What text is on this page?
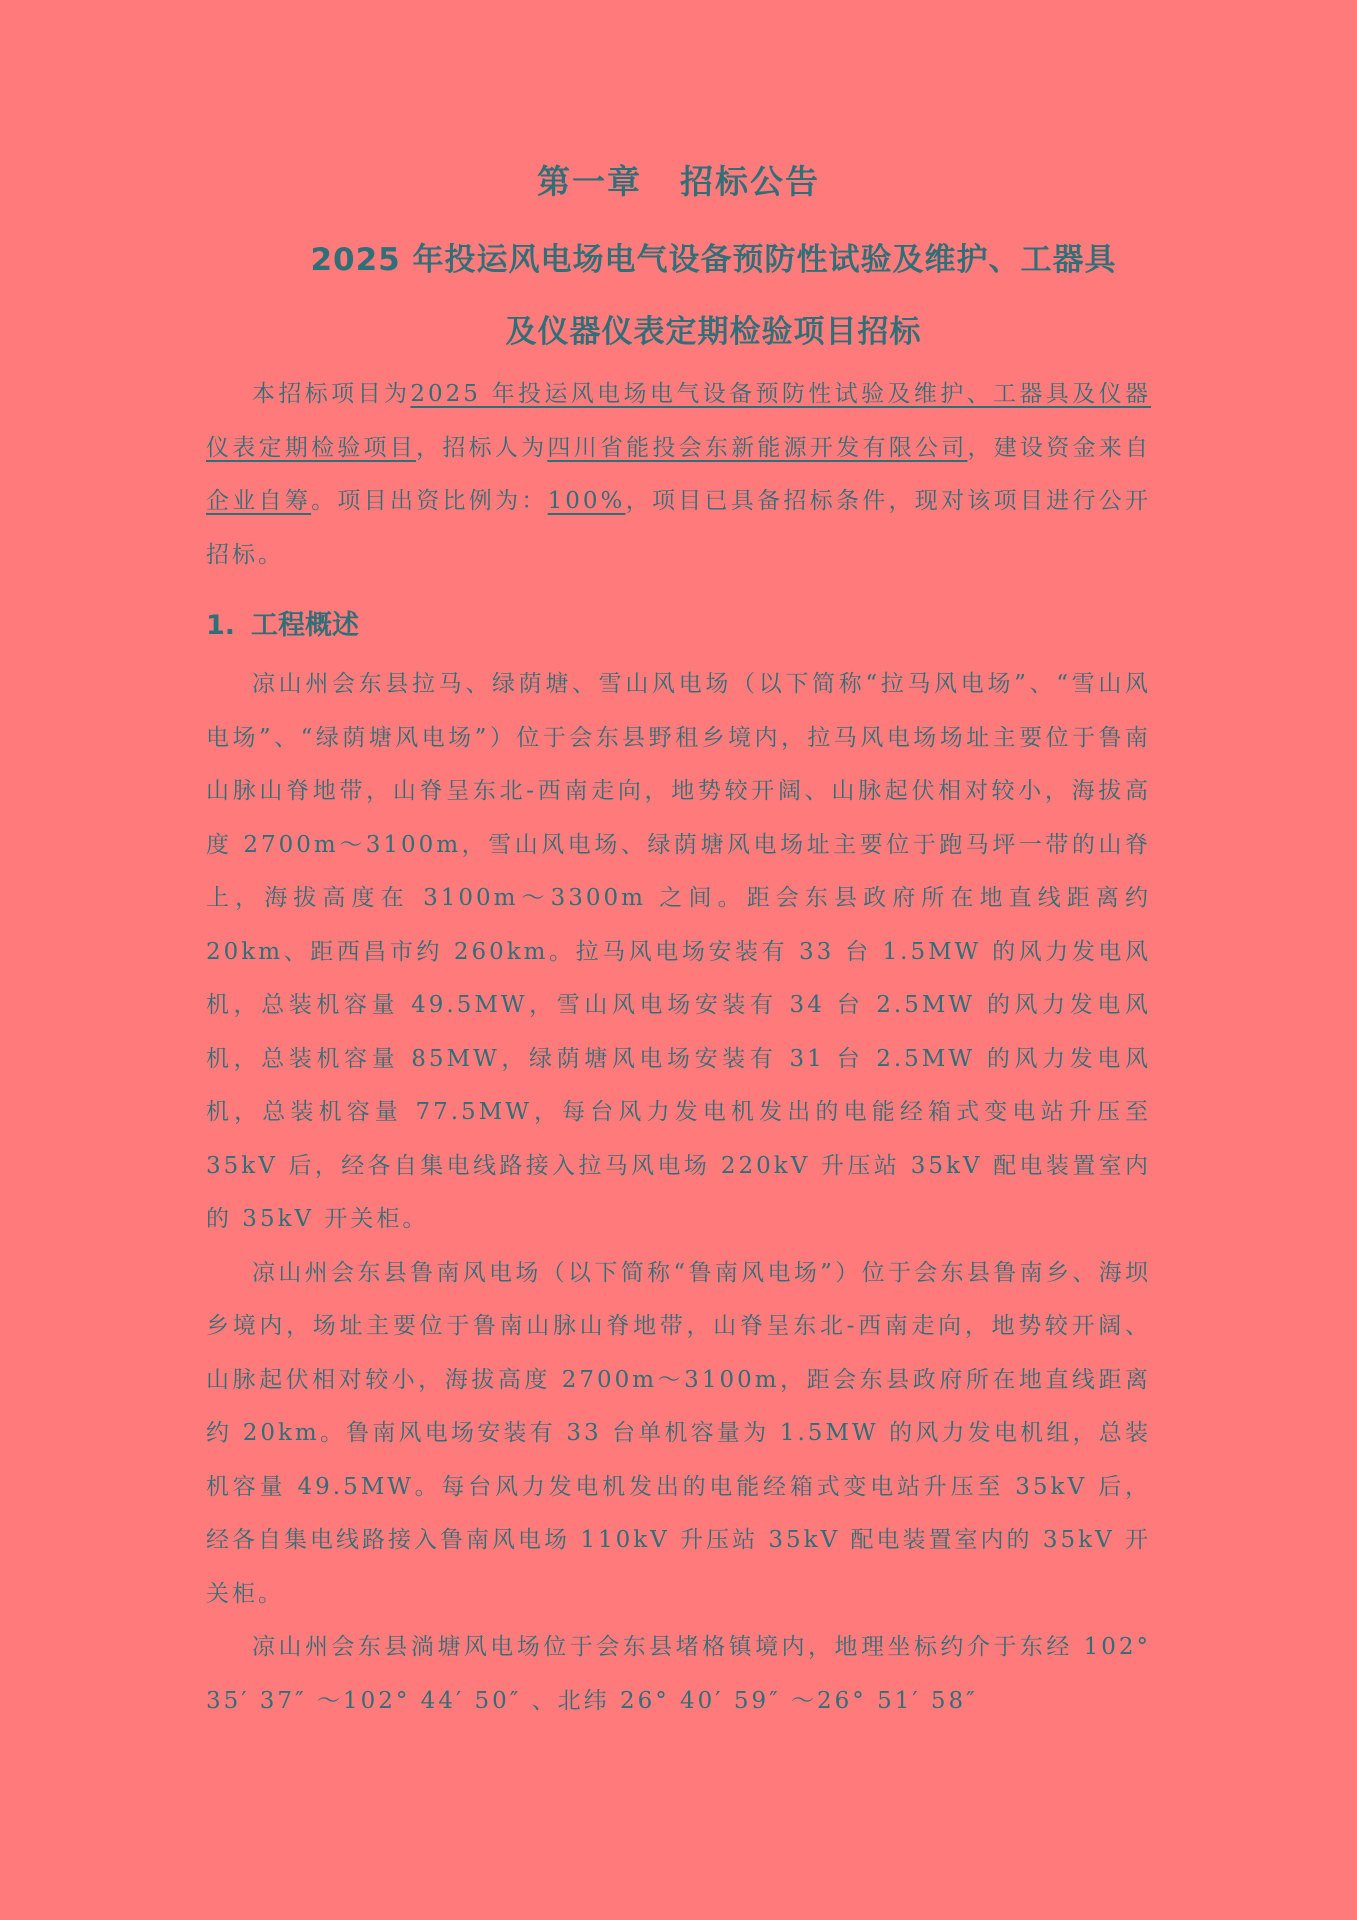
第一章 招标公告
2025 年投运风电场电气设备预防性试验及维护、工器具
及仪器仪表定期检验项目招标

本招标项目为2025 年投运风电场电气设备预防性试验及维护、工器具及仪器仪表定期检验项目，招标人为四川省能投会东新能源开发有限公司，建设资金来自企业自筹。项目出资比例为：100%，项目已具备招标条件，现对该项目进行公开招标。

1. 工程概述

凉山州会东县拉马、绿荫塘、雪山风电场（以下简称“拉马风电场”、“雪山风电场”、“绿荫塘风电场”）位于会东县野租乡境内，拉马风电场场址主要位于鲁南山脉山脊地带，山脊呈东北-西南走向，地势较开阔、山脉起伏相对较小，海拔高度 2700m～3100m，雪山风电场、绿荫塘风电场址主要位于跑马坪一带的山脊上，海拔高度在 3100m～3300m 之间。距会东县政府所在地直线距离约 20km、距西昌市约 260km。拉马风电场安装有 33 台 1.5MW 的风力发电风机，总装机容量 49.5MW，雪山风电场安装有 34 台 2.5MW 的风力发电风机，总装机容量 85MW，绿荫塘风电场安装有 31 台 2.5MW 的风力发电风机，总装机容量 77.5MW，每台风力发电机发出的电能经箱式变电站升压至 35kV 后，经各自集电线路接入拉马风电场 220kV 升压站 35kV 配电装置室内的 35kV 开关柜。

凉山州会东县鲁南风电场（以下简称“鲁南风电场”）位于会东县鲁南乡、海坝乡境内，场址主要位于鲁南山脉山脊地带，山脊呈东北-西南走向，地势较开阔、山脉起伏相对较小，海拔高度 2700m～3100m，距会东县政府所在地直线距离约 20km。鲁南风电场安装有 33 台单机容量为 1.5MW 的风力发电机组，总装机容量 49.5MW。每台风力发电机发出的电能经箱式变电站升压至 35kV 后，经各自集电线路接入鲁南风电场 110kV 升压站 35kV 配电装置室内的 35kV 开关柜。

凉山州会东县淌塘风电场位于会东县堵格镇境内，地理坐标约介于东经 102° 35′ 37″ ～102° 44′ 50″ 、北纬 26° 40′ 59″ ～26° 51′ 58″
